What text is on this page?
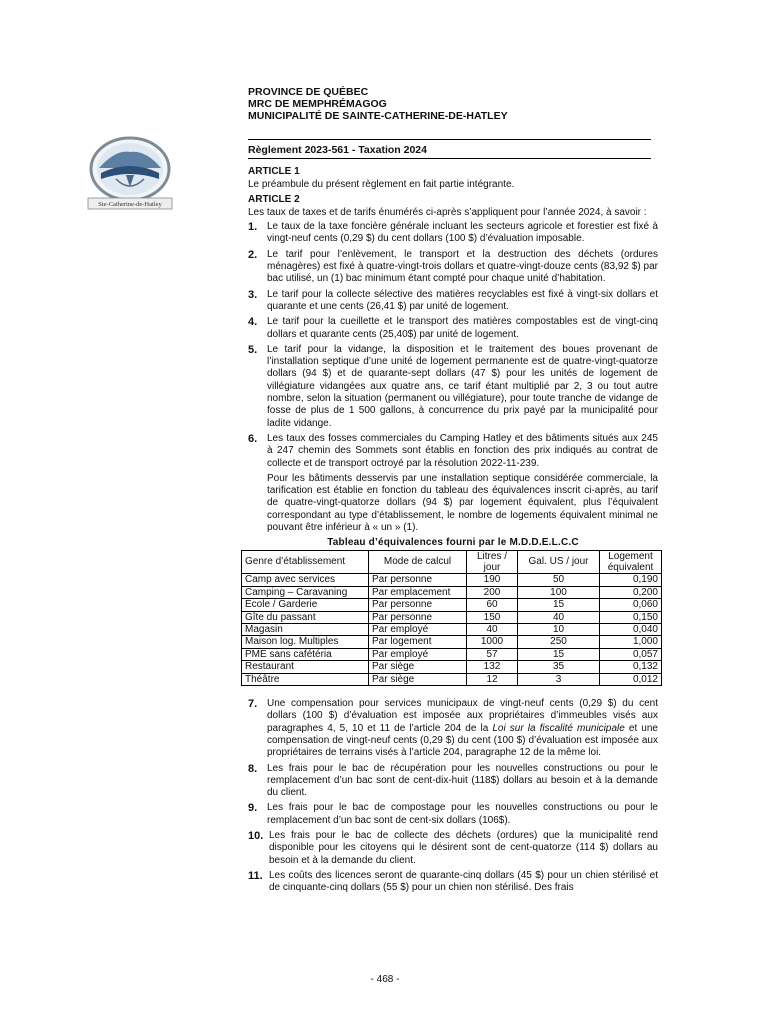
PROVINCE DE QUÉBEC
MRC DE MEMPHRÉMAGOG
MUNICIPALITÉ DE SAINTE-CATHERINE-DE-HATLEY
Ste-Catherine-de-Hatley
Règlement 2023-561 - Taxation 2024
ARTICLE 1

Le préambule du présent règlement en fait partie intégrante.

ARTICLE 2

Les taux de taxes et de tarifs énumérés ci-après s’appliquent pour l’année 2024, à savoir :

1. Le taux de la taxe foncière générale incluant les secteurs agricole et forestier est fixé à vingt-neuf cents (0,29 $) du cent dollars (100 $) d’évaluation imposable.
2. Le tarif pour l’enlèvement, le transport et la destruction des déchets (ordures ménagères) est fixé à quatre-vingt-trois dollars et quatre-vingt-douze cents (83,92 $) par bac utilisé, un (1) bac minimum étant compté pour chaque unité d’habitation.
3. Le tarif pour la collecte sélective des matières recyclables est fixé à vingt-six dollars et quarante et une cents (26,41 $) par unité de logement.
4. Le tarif pour la cueillette et le transport des matières compostables est de vingt-cinq dollars et quarante cents (25,40$) par unité de logement.
5. Le tarif pour la vidange, la disposition et le traitement des boues provenant de l’installation septique d’une unité de logement permanente est de quatre-vingt-quatorze dollars (94 $) et de quarante-sept dollars (47 $) pour les unités de logement de villégiature vidangées aux quatre ans, ce tarif étant multiplié par 2, 3 ou tout autre nombre, selon la situation (permanent ou villégiature), pour toute tranche de vidange de fosse de plus de 1 500 gallons, à concurrence du prix payé par la municipalité pour ladite vidange.
6. Les taux des fosses commerciales du Camping Hatley et des bâtiments situés aux 245 à 247 chemin des Sommets sont établis en fonction des prix indiqués au contrat de collecte et de transport octroyé par la résolution 2022-11-239.

Pour les bâtiments desservis par une installation septique considérée commerciale, la tarification est établie en fonction du tableau des équivalences inscrit ci-après, au tarif de quatre-vingt-quatorze dollars (94 $) par logement équivalent, plus l’équivalent correspondant au type d’établissement, le nombre de logements équivalent minimal ne pouvant être inférieur à « un » (1).

Tableau d’équivalences fourni par le M.D.D.E.L.C.C
Genre d’établissement	Mode de calcul	Litres / jour	Gal. US / jour	Logement équivalent
Camp avec services	Par personne	190	50	0,190
Camping – Caravaning	Par emplacement	200	100	0,200
École / Garderie	Par personne	60	15	0,060
Gîte du passant	Par personne	150	40	0,150
Magasin	Par employé	40	10	0,040
Maison log. Multiples	Par logement	1000	250	1,000
PME sans cafétéria	Par employé	57	15	0,057
Restaurant	Par siège	132	35	0,132
Théâtre	Par siège	12	3	0,012
7. Une compensation pour services municipaux de vingt-neuf cents (0,29 $) du cent dollars (100 $) d’évaluation est imposée aux propriétaires d’immeubles visés aux paragraphes 4, 5, 10 et 11 de l’article 204 de la Loi sur la fiscalité municipale et une compensation de vingt-neuf cents (0,29 $) du cent (100 $) d’évaluation est imposée aux propriétaires de terrains visés à l’article 204, paragraphe 12 de la même loi.
8. Les frais pour le bac de récupération pour les nouvelles constructions ou pour le remplacement d’un bac sont de cent-dix-huit (118$) dollars au besoin et à la demande du client.
9. Les frais pour le bac de compostage pour les nouvelles constructions ou pour le remplacement d’un bac sont de cent-six dollars (106$).
10. Les frais pour le bac de collecte des déchets (ordures) que la municipalité rend disponible pour les citoyens qui le désirent sont de cent-quatorze (114 $) dollars au besoin et à la demande du client.
11. Les coûts des licences seront de quarante-cinq dollars (45 $) pour un chien stérilisé et de cinquante-cinq dollars (55 $) pour un chien non stérilisé. Des frais
- 468 -
